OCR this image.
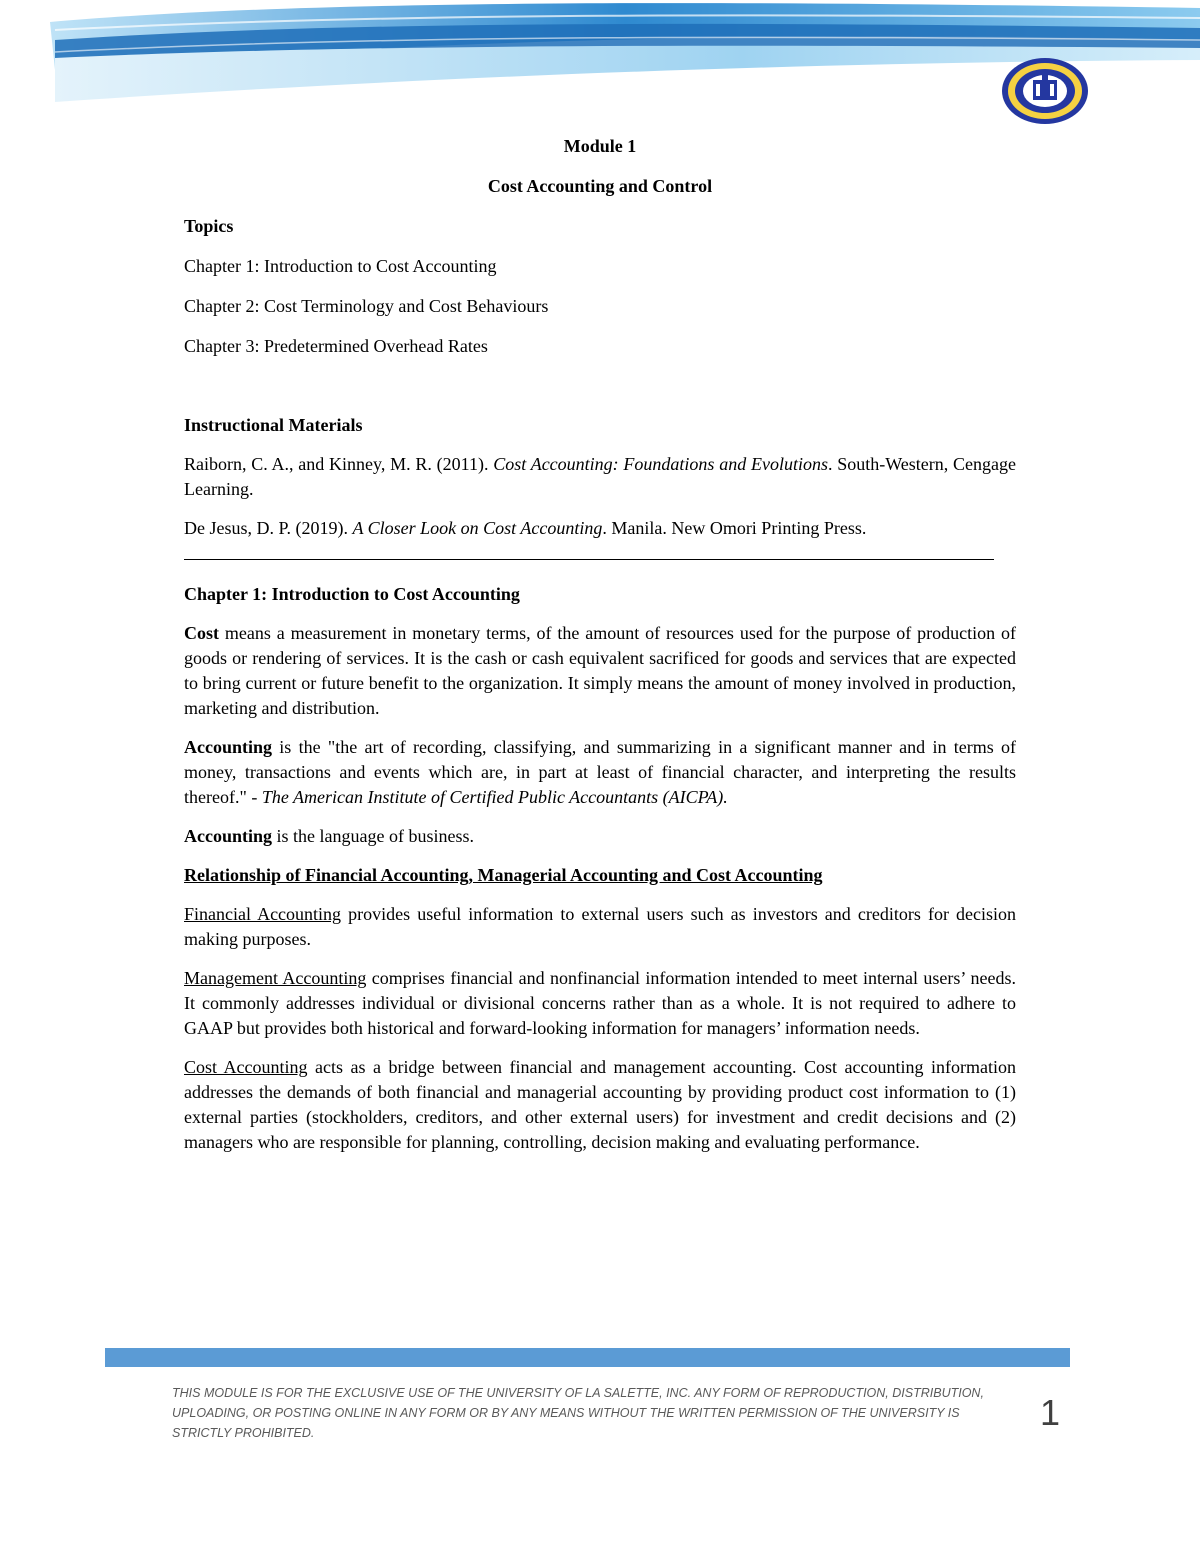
Module 1

Cost Accounting and Control

Topics

Chapter 1: Introduction to Cost Accounting

Chapter 2: Cost Terminology and Cost Behaviours

Chapter 3: Predetermined Overhead Rates

Instructional Materials

Raiborn, C. A., and Kinney, M. R. (2011). Cost Accounting: Foundations and Evolutions. South-Western, Cengage Learning.

De Jesus, D. P. (2019). A Closer Look on Cost Accounting. Manila. New Omori Printing Press.

Chapter 1: Introduction to Cost Accounting

Cost means a measurement in monetary terms, of the amount of resources used for the purpose of production of goods or rendering of services. It is the cash or cash equivalent sacrificed for goods and services that are expected to bring current or future benefit to the organization. It simply means the amount of money involved in production, marketing and distribution.

Accounting is the "the art of recording, classifying, and summarizing in a significant manner and in terms of money, transactions and events which are, in part at least of financial character, and interpreting the results thereof." - The American Institute of Certified Public Accountants (AICPA).

Accounting is the language of business.

Relationship of Financial Accounting, Managerial Accounting and Cost Accounting

Financial Accounting provides useful information to external users such as investors and creditors for decision making purposes.

Management Accounting comprises financial and nonfinancial information intended to meet internal users’ needs. It commonly addresses individual or divisional concerns rather than as a whole. It is not required to adhere to GAAP but provides both historical and forward-looking information for managers’ information needs.

Cost Accounting acts as a bridge between financial and management accounting. Cost accounting information addresses the demands of both financial and managerial accounting by providing product cost information to (1) external parties (stockholders, creditors, and other external users) for investment and credit decisions and (2) managers who are responsible for planning, controlling, decision making and evaluating performance.

THIS MODULE IS FOR THE EXCLUSIVE USE OF THE UNIVERSITY OF LA SALETTE, INC. ANY FORM OF REPRODUCTION, DISTRIBUTION, UPLOADING, OR POSTING ONLINE IN ANY FORM OR BY ANY MEANS WITHOUT THE WRITTEN PERMISSION OF THE UNIVERSITY IS STRICTLY PROHIBITED.	1
